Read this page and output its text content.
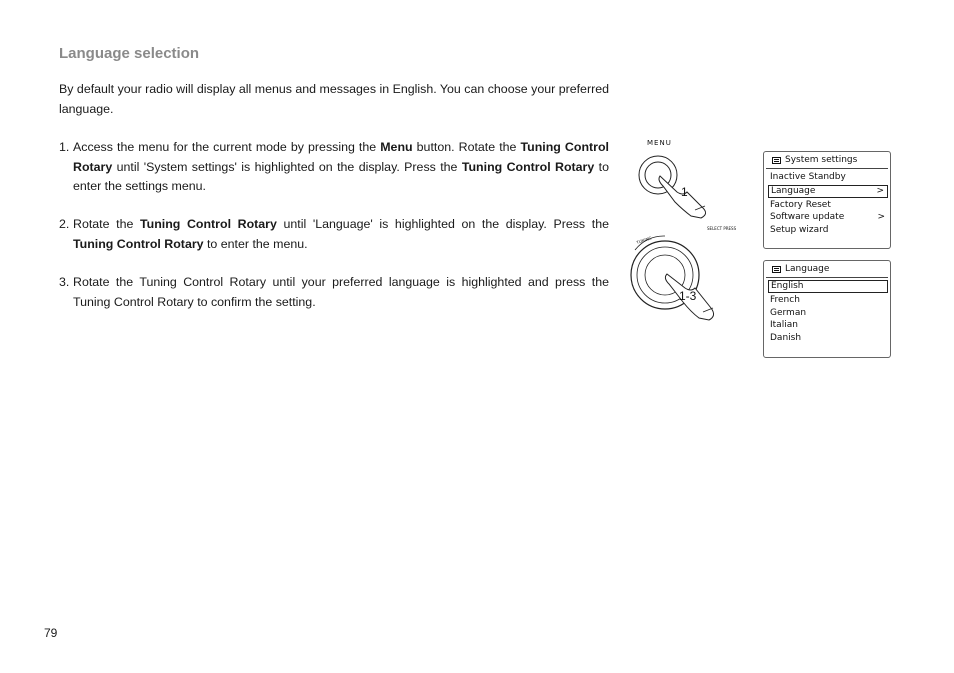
Language selection

By default your radio will display all menus and messages in English. You can choose your preferred language.

1. Access the menu for the current mode by pressing the Menu button. Rotate the Tuning Control Rotary until 'System settings' is highlighted on the display. Press the Tuning Control Rotary to enter the settings menu.
2. Rotate the Tuning Control Rotary until 'Language' is highlighted on the display. Press the Tuning Control Rotary to enter the menu.
3. Rotate the Tuning Control Rotary until your preferred language is highlighted and press the Tuning Control Rotary to confirm the setting.
MENU
1
SELECT PRESS
TUNING
1-3
System settings
Inactive Standby
Language	>
Factory Reset
Software update	>
Setup wizard
Language
English
French
German
Italian
Danish
79
